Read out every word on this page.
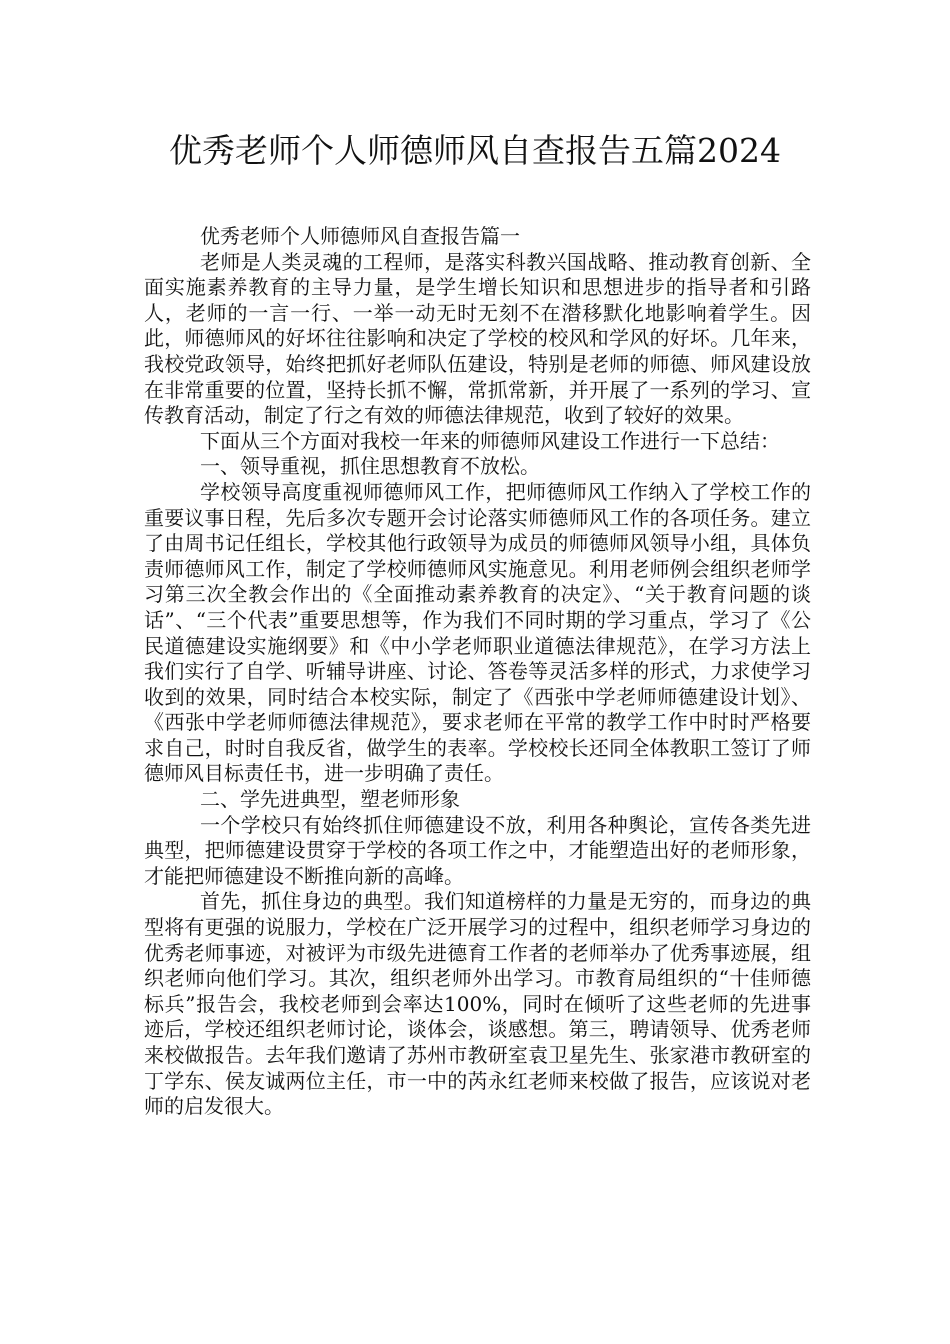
优秀老师个人师德师风自查报告五篇2024

优秀老师个人师德师风自查报告篇一

老师是人类灵魂的工程师，是落实科教兴国战略、推动教育创新、全面实施素养教育的主导力量，是学生增长知识和思想进步的指导者和引路人，老师的一言一行、一举一动无时无刻不在潜移默化地影响着学生。因此，师德师风的好坏往往影响和决定了学校的校风和学风的好坏。几年来，我校党政领导，始终把抓好老师队伍建设，特别是老师的师德、师风建设放在非常重要的位置，坚持长抓不懈，常抓常新，并开展了一系列的学习、宣传教育活动，制定了行之有效的师德法律规范，收到了较好的效果。

下面从三个方面对我校一年来的师德师风建设工作进行一下总结：

一、领导重视，抓住思想教育不放松。

学校领导高度重视师德师风工作，把师德师风工作纳入了学校工作的重要议事日程，先后多次专题开会讨论落实师德师风工作的各项任务。建立了由周书记任组长，学校其他行政领导为成员的师德师风领导小组，具体负责师德师风工作，制定了学校师德师风实施意见。利用老师例会组织老师学习第三次全教会作出的《全面推动素养教育的决定》、“关于教育问题的谈话”、“三个代表”重要思想等，作为我们不同时期的学习重点，学习了《公民道德建设实施纲要》和《中小学老师职业道德法律规范》，在学习方法上我们实行了自学、听辅导讲座、讨论、答卷等灵活多样的形式，力求使学习收到的效果，同时结合本校实际，制定了《西张中学老师师德建设计划》、《西张中学老师师德法律规范》，要求老师在平常的教学工作中时时严格要求自己，时时自我反省，做学生的表率。学校校长还同全体教职工签订了师德师风目标责任书，进一步明确了责任。

二、学先进典型，塑老师形象

一个学校只有始终抓住师德建设不放，利用各种舆论，宣传各类先进典型，把师德建设贯穿于学校的各项工作之中，才能塑造出好的老师形象，才能把师德建设不断推向新的高峰。

首先，抓住身边的典型。我们知道榜样的力量是无穷的，而身边的典型将有更强的说服力，学校在广泛开展学习的过程中，组织老师学习身边的优秀老师事迹，对被评为市级先进德育工作者的老师举办了优秀事迹展，组织老师向他们学习。其次，组织老师外出学习。市教育局组织的“十佳师德标兵”报告会，我校老师到会率达100%，同时在倾听了这些老师的先进事迹后，学校还组织老师讨论，谈体会，谈感想。第三，聘请领导、优秀老师来校做报告。去年我们邀请了苏州市教研室袁卫星先生、张家港市教研室的丁学东、侯友诚两位主任，市一中的芮永红老师来校做了报告，应该说对老师的启发很大。
